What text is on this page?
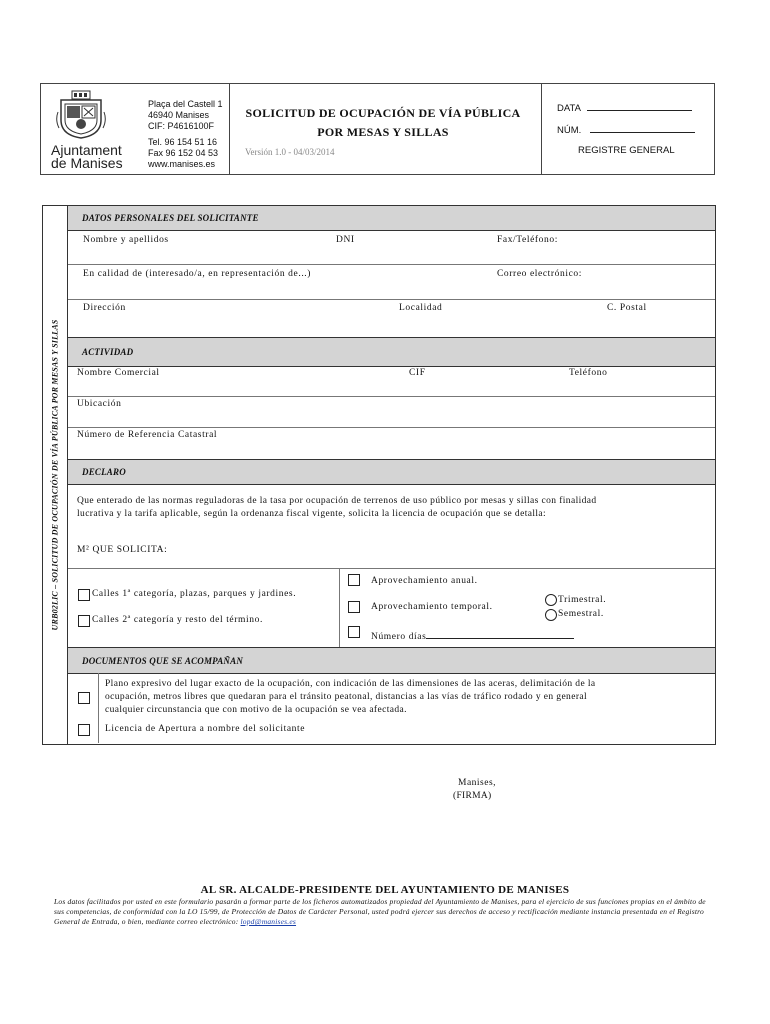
Ajuntament
de Manises
Plaça del Castell 1
46940 Manises
CIF: P4616100F
Tel. 96 154 51 16
Fax 96 152 04 53
www.manises.es
SOLICITUD DE OCUPACIÓN DE VÍA PÚBLICA
POR MESAS Y SILLAS
Versión 1.0 - 04/03/2014
DATA
NÚM.
REGISTRE GENERAL
URB02LIC – SOLICITUD DE OCUPACIÓN DE VÍA PÚBLICA POR MESAS Y SILLAS
DATOS PERSONALES DEL SOLICITANTE
Nombre y apellidos	DNI	Fax/Teléfono:
En calidad de (interesado/a, en representación de...)	Correo electrónico:
Dirección	Localidad	C. Postal
ACTIVIDAD
Nombre Comercial	CIF	Teléfono
Ubicación
Número de Referencia Catastral
DECLARO
Que enterado de las normas reguladoras de la tasa por ocupación de terrenos de uso público por mesas y sillas con finalidad
lucrativa y la tarifa aplicable, según la ordenanza fiscal vigente, solicita la licencia de ocupación que se detalla:
M² QUE SOLICITA:
Calles 1ª categoría, plazas, parques y jardines.
Calles 2ª categoría y resto del término.
Aprovechamiento anual.
Aprovechamiento temporal.
Número días
Trimestral.
Semestral.
DOCUMENTOS QUE SE ACOMPAÑAN
Plano expresivo del lugar exacto de la ocupación, con indicación de las dimensiones de las aceras, delimitación de la
ocupación, metros libres que quedaran para el tránsito peatonal, distancias a las vías de tráfico rodado y en general
cualquier circunstancia que con motivo de la ocupación se vea afectada.
Licencia de Apertura a nombre del solicitante
Manises,
(FIRMA)
AL SR. ALCALDE-PRESIDENTE DEL AYUNTAMIENTO DE MANISES
Los datos facilitados por usted en este formulario pasarán a formar parte de los ficheros automatizados propiedad del Ayuntamiento de Manises, para el ejercicio de sus funciones propias en el ámbito de sus competencias, de conformidad con la LO 15/99, de Protección de Datos de Carácter Personal, usted podrá ejercer sus derechos de acceso y rectificación mediante instancia presentada en el Registro General de Entrada, o bien, mediante correo electrónico: lopd@manises.es
